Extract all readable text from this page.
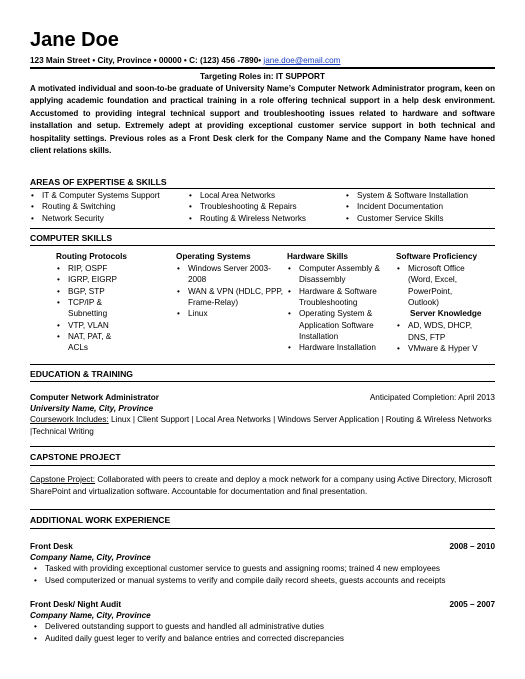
Jane Doe
123 Main Street • City, Province • 00000 • C: (123) 456 -7890• jane.doe@email.com
Targeting Roles in: IT SUPPORT
A motivated individual and soon-to-be graduate of University Name’s Computer Network Administrator program, keen on applying academic foundation and practical training in a role offering technical support in a help desk environment. Accustomed to providing integral technical support and troubleshooting issues related to hardware and software installation and setup. Extremely adept at providing exceptional customer service support in both technical and hospitality settings. Previous roles as a Front Desk clerk for the Company Name and the Company Name have honed client relations skills.
AREAS OF EXPERTISE & SKILLS
• IT & Computer Systems Support
• Routing & Switching
• Network Security
• Local Area Networks
• Troubleshooting & Repairs
• Routing & Wireless Networks
• System & Software Installation
• Incident Documentation
• Customer Service Skills
COMPUTER SKILLS
Routing Protocols
• RIP, OSPF
• IGRP, EIGRP
• BGP, STP
• TCP/IP & Subnetting
• VTP, VLAN
• NAT, PAT, & ACLs
Operating Systems
• Windows Server 2003-2008
• WAN & VPN (HDLC, PPP, Frame-Relay)
• Linux
Hardware Skills
• Computer Assembly & Disassembly
• Hardware & Software Troubleshooting
• Operating System & Application Software Installation
• Hardware Installation
Software Proficiency
• Microsoft Office (Word, Excel, PowerPoint, Outlook)
Server Knowledge
• AD, WDS, DHCP, DNS, FTP
• VMware & Hyper V
EDUCATION & TRAINING
Computer Network Administrator	Anticipated Completion: April 2013
University Name, City, Province
Coursework Includes: Linux | Client Support | Local Area Networks | Windows Server Application | Routing & Wireless Networks |Technical Writing
CAPSTONE PROJECT
Capstone Project: Collaborated with peers to create and deploy a mock network for a company using Active Directory, Microsoft SharePoint and virtualization software. Accountable for documentation and final presentation.
ADDITIONAL WORK EXPERIENCE
Front Desk	2008 – 2010
Company Name, City, Province
• Tasked with providing exceptional customer service to guests and assigning rooms; trained 4 new employees
• Used computerized or manual systems to verify and compile daily record sheets, guests accounts and receipts
Front Desk/ Night Audit	2005 – 2007
Company Name, City, Province
• Delivered outstanding support to guests and handled all administrative duties
• Audited daily guest leger to verify and balance entries and corrected discrepancies
